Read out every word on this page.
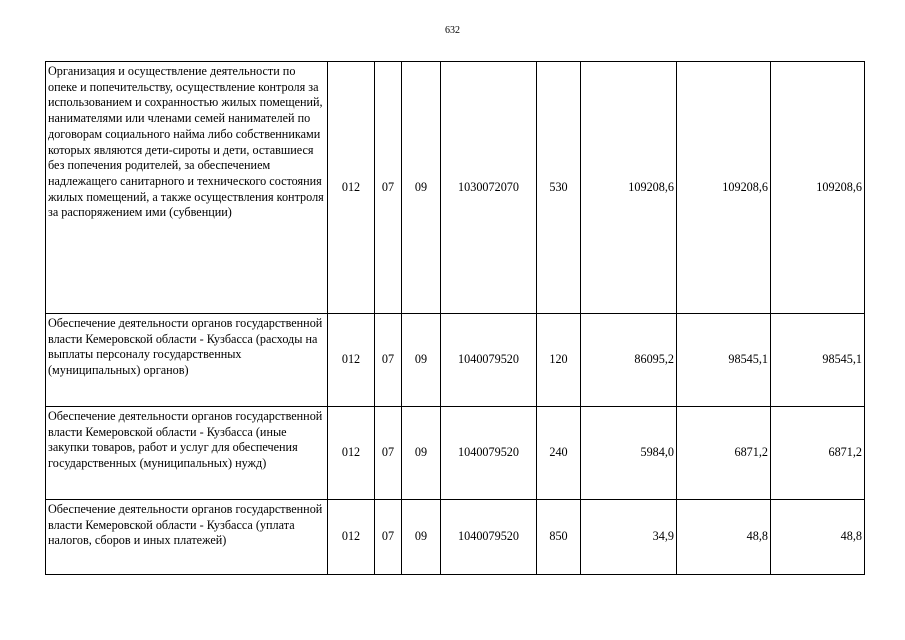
632
Организация и осуществление деятельности по опеке и попечительству, осуществление контроля за использованием и сохранностью жилых помещений, нанимателями или членами семей нанимателей по договорам социального найма либо собственниками которых являются дети-сироты и дети, оставшиеся без попечения родителей, за обеспечением надлежащего санитарного и технического состояния жилых помещений, а также осуществления контроля за распоряжением ими (субвенции)	012	07	09	1030072070	530	109208,6	109208,6	109208,6
Обеспечение деятельности органов государственной власти Кемеровской области - Кузбасса (расходы на выплаты персоналу государственных (муниципальных) органов)	012	07	09	1040079520	120	86095,2	98545,1	98545,1
Обеспечение деятельности органов государственной власти Кемеровской области - Кузбасса (иные закупки товаров, работ и услуг для обеспечения государственных (муниципальных) нужд)	012	07	09	1040079520	240	5984,0	6871,2	6871,2
Обеспечение деятельности органов государственной власти Кемеровской области - Кузбасса (уплата налогов, сборов и иных платежей)	012	07	09	1040079520	850	34,9	48,8	48,8
